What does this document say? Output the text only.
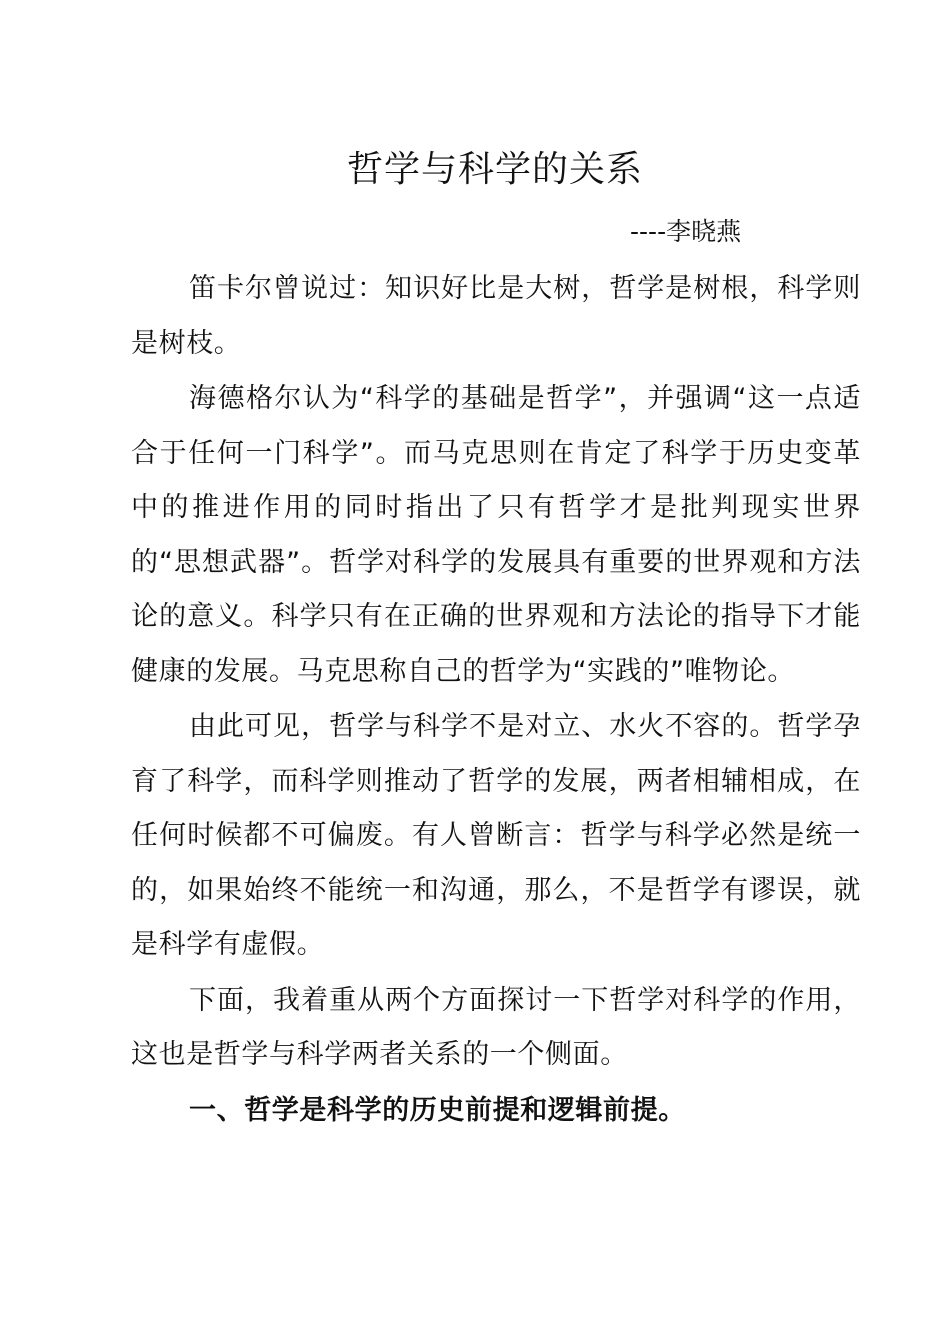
哲学与科学的关系
----李晓燕

笛卡尔曾说过：知识好比是大树，哲学是树根，科学则是树枝。

海德格尔认为“科学的基础是哲学”，并强调“这一点适合于任何一门科学”。而马克思则在肯定了科学于历史变革中的推进作用的同时指出了只有哲学才是批判现实世界的“思想武器”。哲学对科学的发展具有重要的世界观和方法论的意义。科学只有在正确的世界观和方法论的指导下才能健康的发展。马克思称自己的哲学为“实践的”唯物论。

由此可见，哲学与科学不是对立、水火不容的。哲学孕育了科学，而科学则推动了哲学的发展，两者相辅相成，在任何时候都不可偏废。有人曾断言：哲学与科学必然是统一的，如果始终不能统一和沟通，那么，不是哲学有谬误，就是科学有虚假。

下面，我着重从两个方面探讨一下哲学对科学的作用，这也是哲学与科学两者关系的一个侧面。

一、哲学是科学的历史前提和逻辑前提。
